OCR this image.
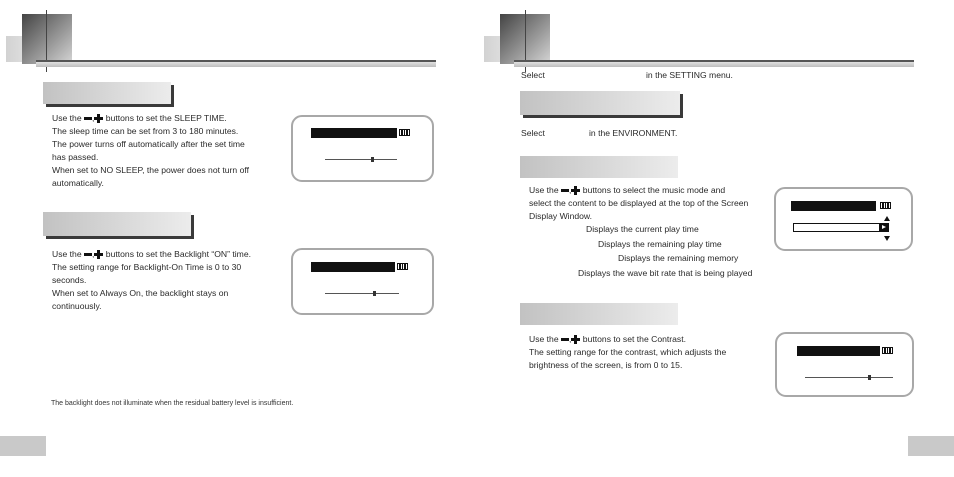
Use the , buttons to set the SLEEP TIME.
The sleep time can be set from 3 to 180 minutes.
The power turns off automatically after the set time
has passed.
When set to NO SLEEP, the power does not turn off
automatically.
Use the , buttons to set the Backlight “ON” time.
The setting range for Backlight-On Time is 0 to 30
seconds.
When set to Always On, the backlight stays on
continuously.
The backlight does not illuminate when the residual battery level is insufficient.
Select	in the SETTING menu.
Select	in the ENVIRONMENT.
Use the , buttons to select the music mode and
select the content to be displayed at the top of the Screen
Display Window.
Displays the current play time
Displays the remaining play time
Displays the remaining memory
Displays the wave bit rate that is being played
Use the , buttons to set the Contrast.
The setting range for the contrast, which adjusts the
brightness of the screen, is from 0 to 15.
